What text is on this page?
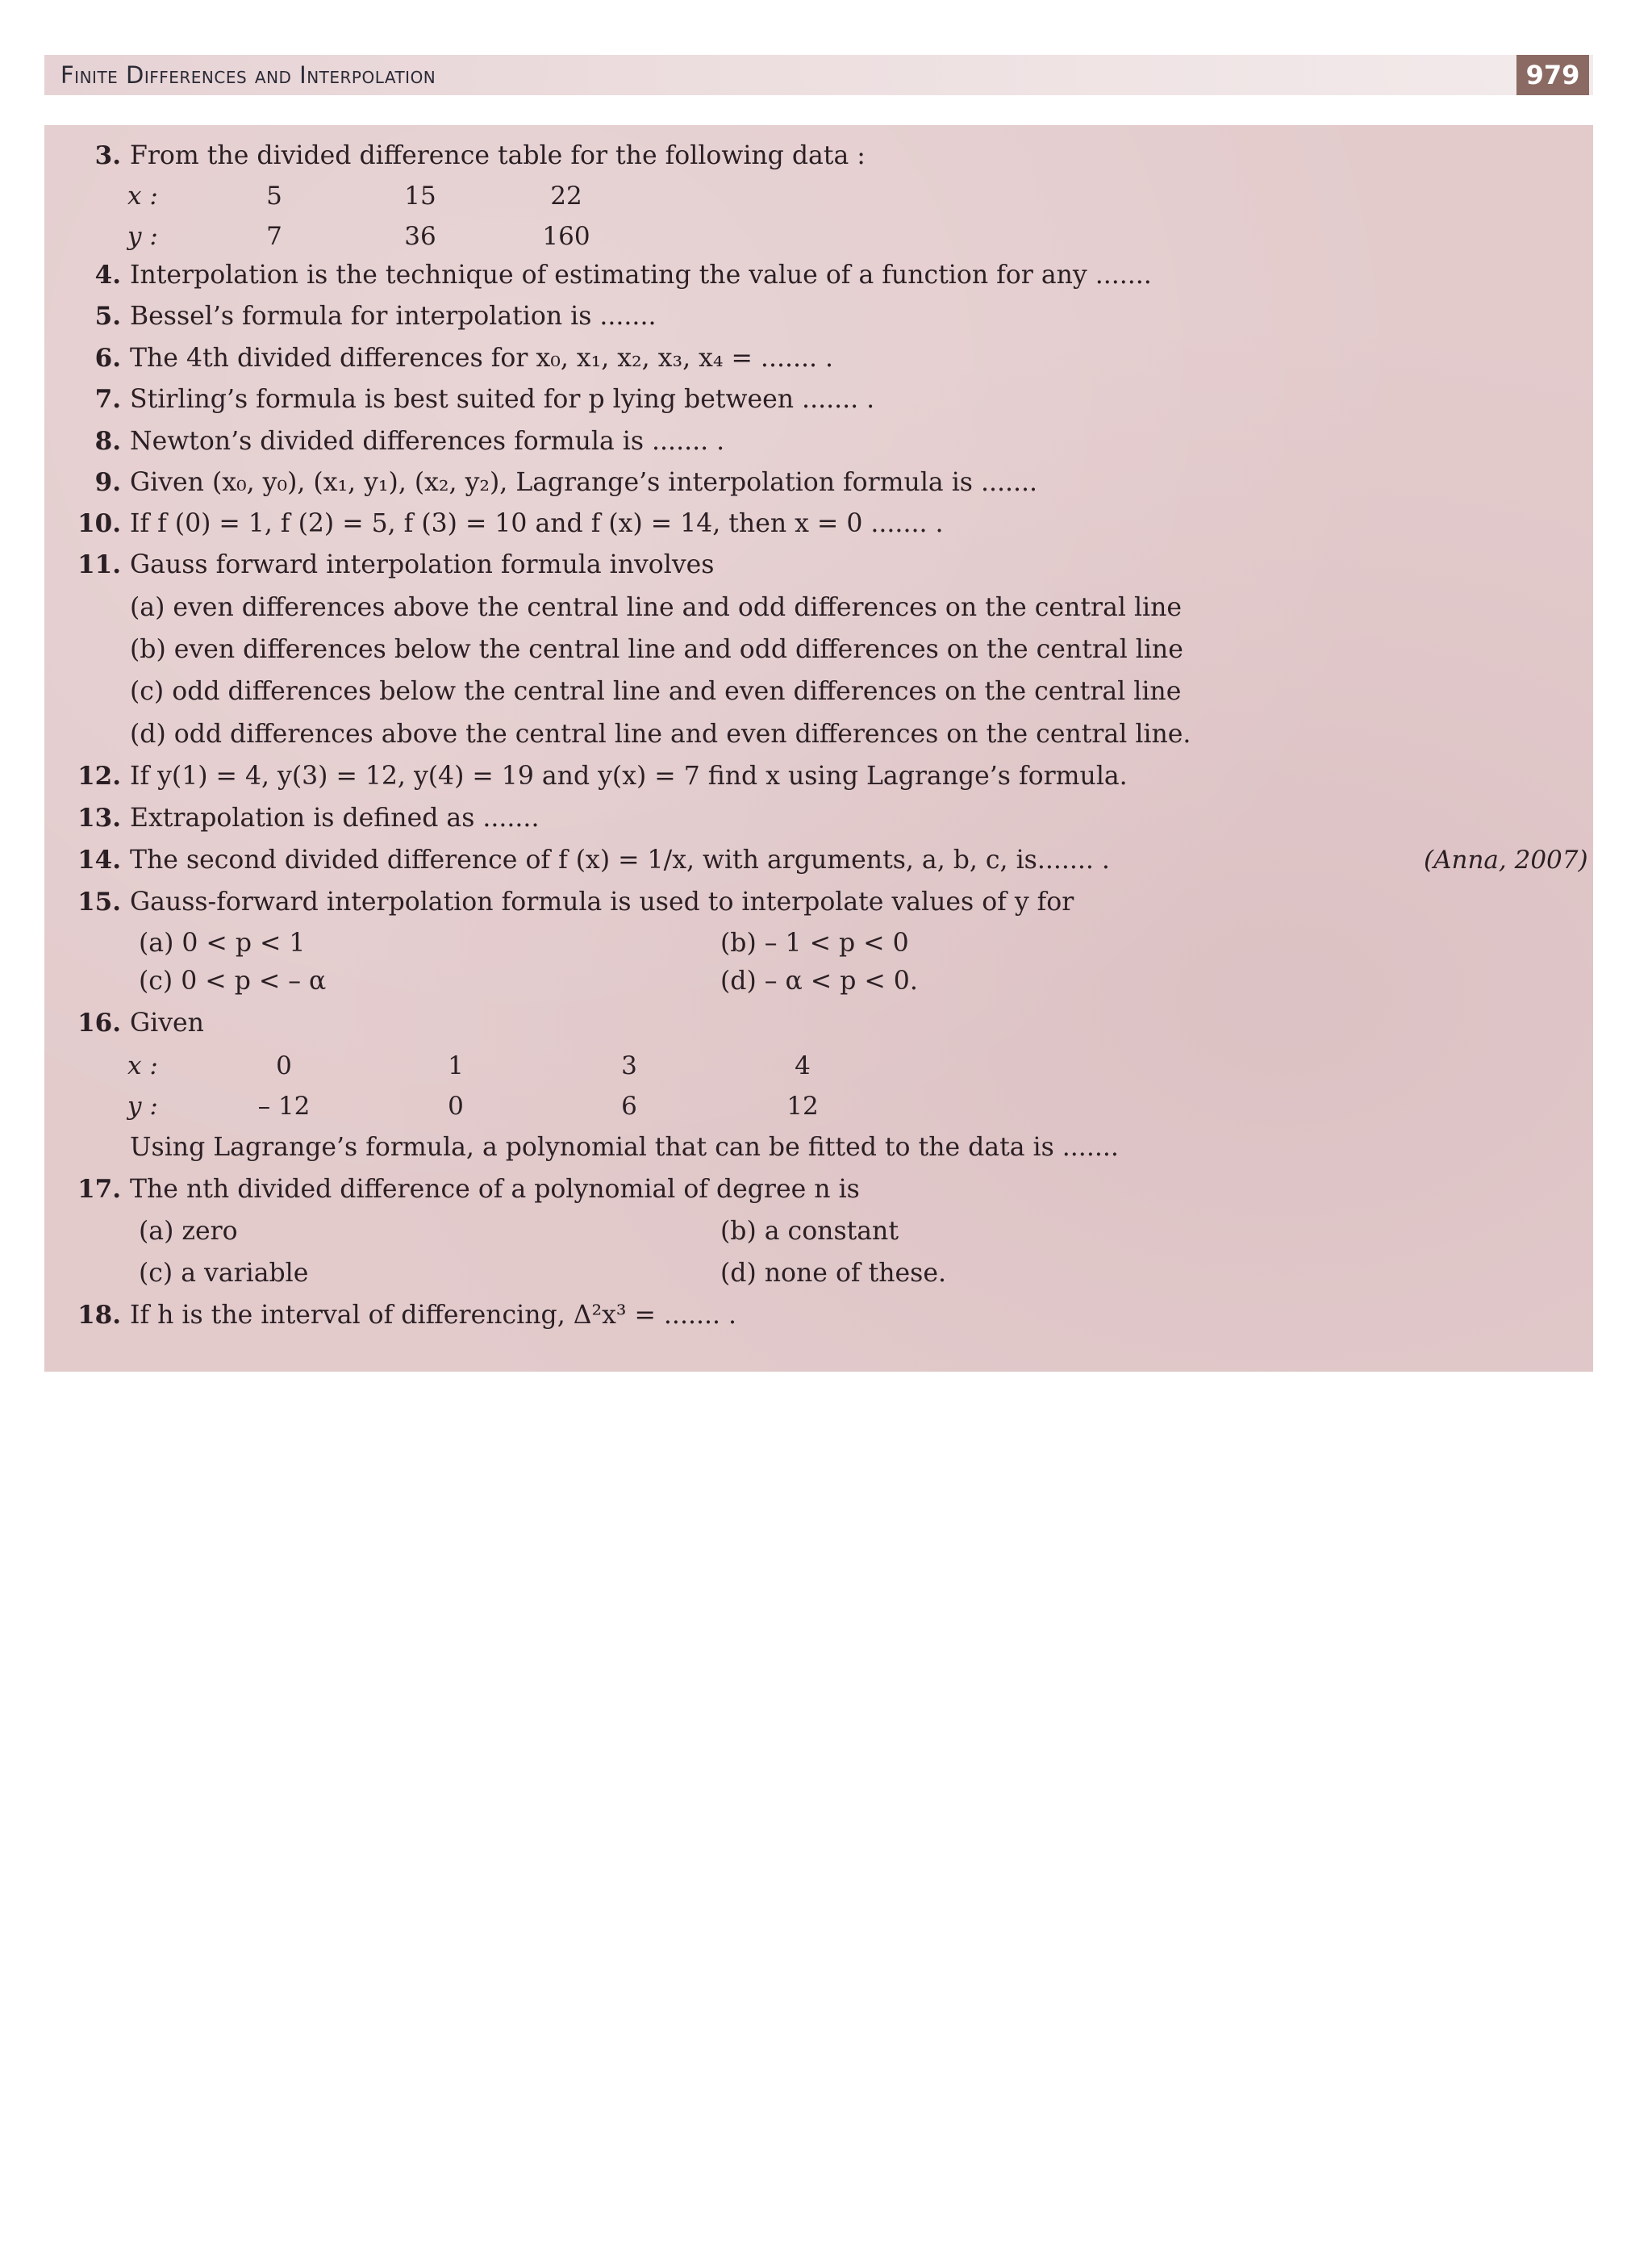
Finite Differences and Interpolation	979
3. From the divided difference table for the following data :
x :	5	15	22
y :	7	36	160
4. Interpolation is the technique of estimating the value of a function for any .......
5. Bessel’s formula for interpolation is .......
6. The 4th divided differences for x₀, x₁, x₂, x₃, x₄ = ....... .
7. Stirling’s formula is best suited for p lying between ....... .
8. Newton’s divided differences formula is ....... .
9. Given (x₀, y₀), (x₁, y₁), (x₂, y₂), Lagrange’s interpolation formula is .......
10. If f (0) = 1, f (2) = 5, f (3) = 10 and f (x) = 14, then x = 0 ....... .
11. Gauss forward interpolation formula involves
(a) even differences above the central line and odd differences on the central line
(b) even differences below the central line and odd differences on the central line
(c) odd differences below the central line and even differences on the central line
(d) odd differences above the central line and even differences on the central line.
12. If y(1) = 4, y(3) = 12, y(4) = 19 and y(x) = 7 find x using Lagrange’s formula.
13. Extrapolation is defined as .......
14. The second divided difference of f (x) = 1/x, with arguments, a, b, c, is....... .	(Anna, 2007)
15. Gauss-forward interpolation formula is used to interpolate values of y for
(a) 0 < p < 1	(b) – 1 < p < 0
(c) 0 < p < – α	(d) – α < p < 0.
16. Given
x :	0	1	3	4
y :	– 12	0	6	12
Using Lagrange’s formula, a polynomial that can be fitted to the data is .......
17. The nth divided difference of a polynomial of degree n is
(a) zero	(b) a constant
(c) a variable	(d) none of these.
18. If h is the interval of differencing, Δ²x³ = ....... .
